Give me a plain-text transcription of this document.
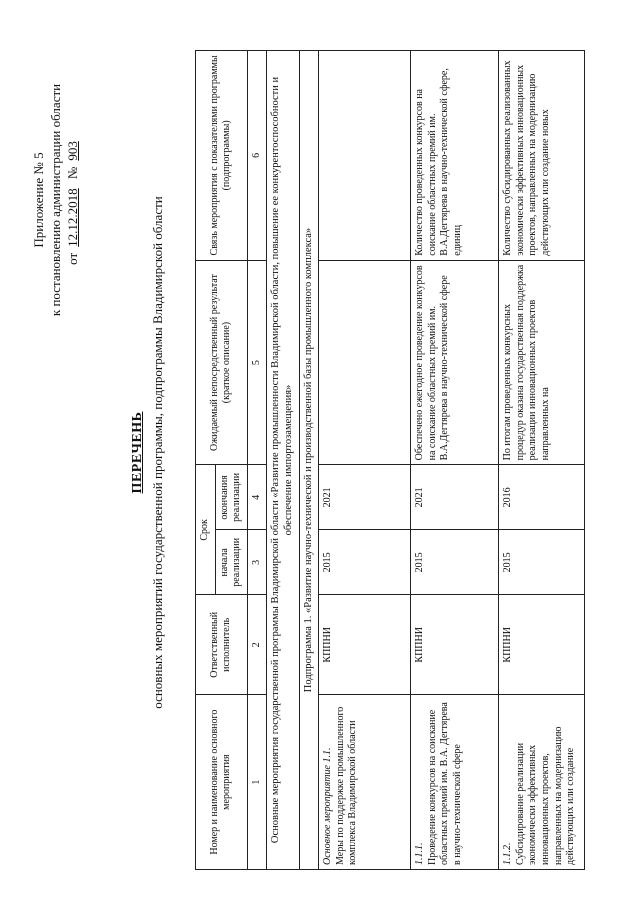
Приложение № 5 к постановлению администрации области от12.12.2018 №903
ПЕРЕЧЕНЬ основных мероприятий государственной программы, подпрограммы Владимирской области
Номер и наименование основного мероприятия	Ответственный исполнитель	Срок		Ожидаемый непосредственный результат (краткое описание)	Связь мероприятия с показателями программы (подпрограммы)
		начала реализации	окончания реализации		
1	2	3	4	5	6
Основные мероприятия государственной программы Владимирской области «Развитие промышленности Владимирской области, повышение ее конкурентоспособности и обеспечение импортозамещения»					
Подпрограмма 1. «Развитие научно-технической и производственной базы промышленного комплекса»					

Основное мероприятие 1.1. Меры по поддержке промышленного комплекса Владимирской области	КППНИ	2015	2021		

1.1.1. Проведение конкурсов на соискание областных премий им. В.А. Дегтярева в научно-технической сфере	КППНИ	2015	2021	Обеспечено ежегодное проведение конкурсов на соискание областных премий им. В.А.Дегтярева в научно-технической сфере	Количество проведенных конкурсов на соискание областных премий им. В.А.Дегтярева в научно-технической сфере, единиц

1.1.2. Субсидирование реализации экономически эффективных инновационных проектов, направленных на модернизацию действующих или создание	КППНИ	2015	2016	По итогам проведенных конкурсных процедур оказана государственная поддержка реализации инновационных проектов направленных на	Количество субсидированных реализованных экономически эффективных инновационных проектов, направленных на модернизацию действующих или создание новых
